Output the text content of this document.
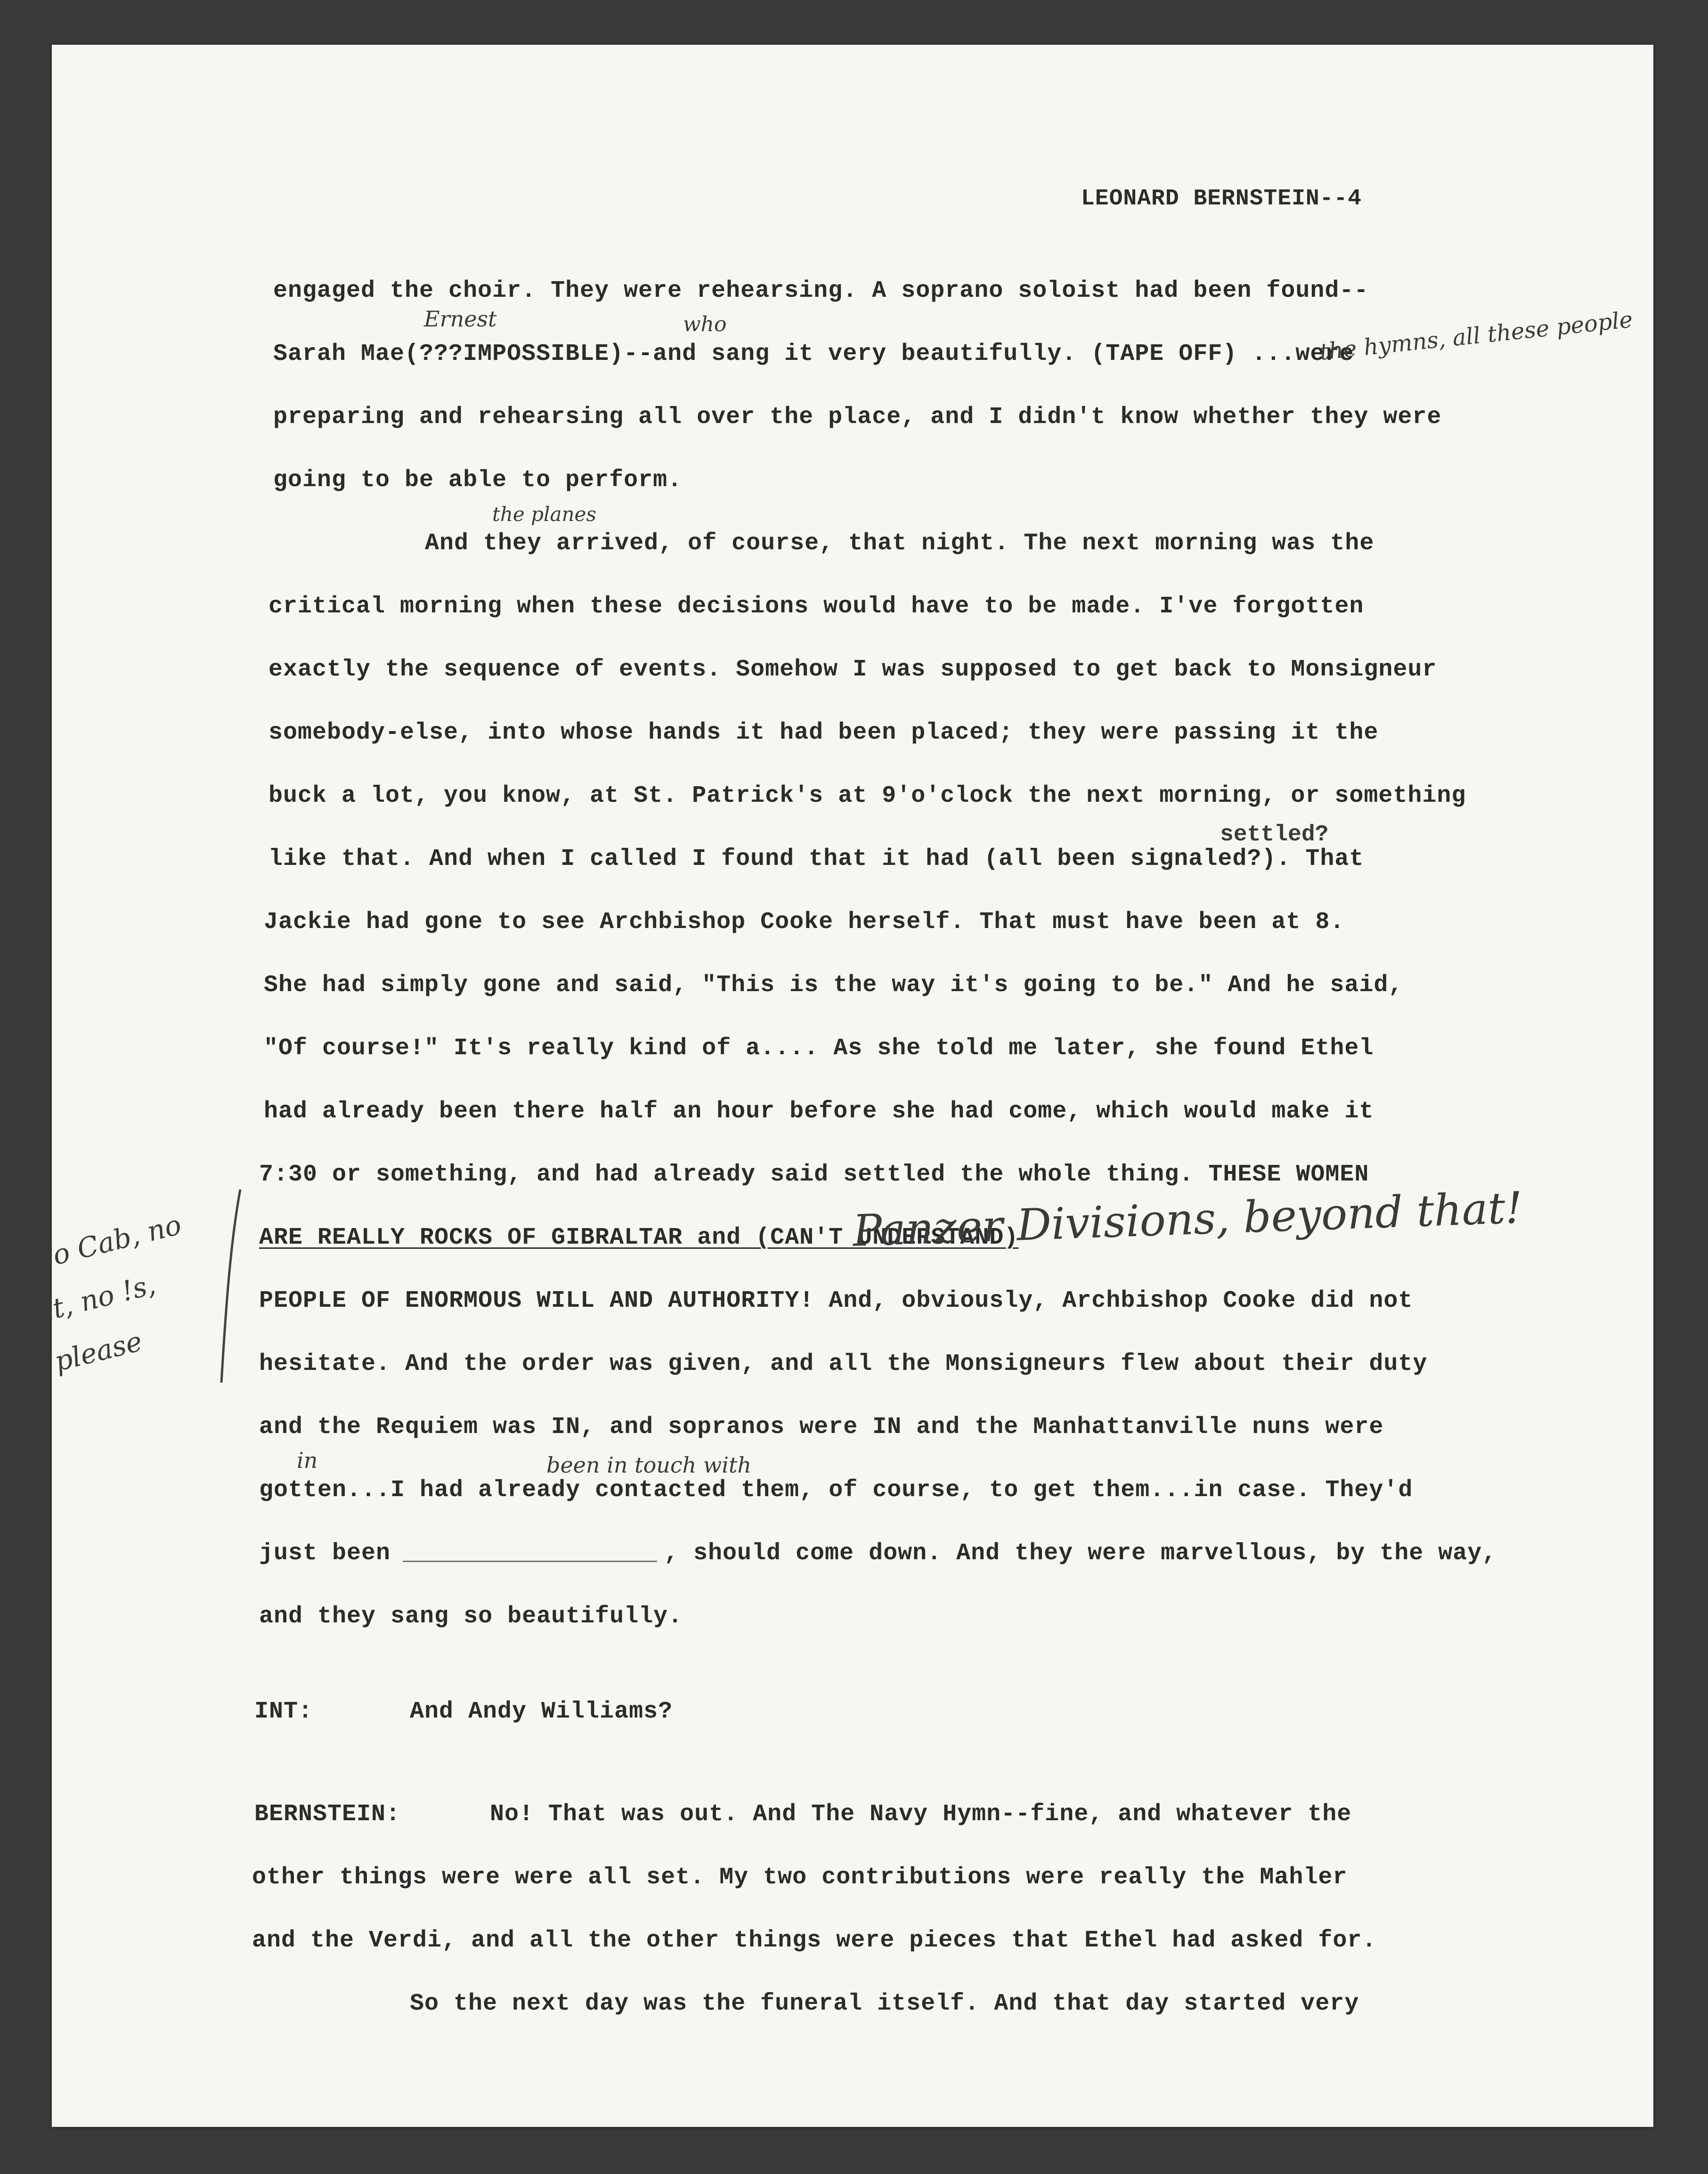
LEONARD BERNSTEIN--4
engaged the choir. They were rehearsing. A soprano soloist had been found--
Sarah Mae(???IMPOSSIBLE)--and sang it very beautifully. (TAPE OFF) ...were
preparing and rehearsing all over the place, and I didn't know whether they were
going to be able to perform.
And they arrived, of course, that night. The next morning was the
critical morning when these decisions would have to be made. I've forgotten
exactly the sequence of events. Somehow I was supposed to get back to Monsigneur
somebody-else, into whose hands it had been placed; they were passing it the
buck a lot, you know, at St. Patrick's at 9'o'clock the next morning, or something
like that. And when I called I found that it had (all been signaled?). That
Jackie had gone to see Archbishop Cooke herself. That must have been at 8.
She had simply gone and said, "This is the way it's going to be." And he said,
"Of course!" It's really kind of a.... As she told me later, she found Ethel
had already been there half an hour before she had come, which would make it
7:30 or something, and had already said settled the whole thing. THESE WOMEN
ARE REALLY ROCKS OF GIBRALTAR and (CAN'T UNDERSTAND)
PEOPLE OF ENORMOUS WILL AND AUTHORITY! And, obviously, Archbishop Cooke did not
hesitate. And the order was given, and all the Monsigneurs flew about their duty
and the Requiem was IN, and sopranos were IN and the Manhattanville nuns were
gotten...I had already contacted them, of course, to get them...in case. They'd
just been	, should come down. And they were marvellous, by the way,
and they sang so beautifully.
INT:	And Andy Williams?
BERNSTEIN:	No! That was out. And The Navy Hymn--fine, and whatever the
other things were were all set. My two contributions were really the Mahler
and the Verdi, and all the other things were pieces that Ethel had asked for.
So the next day was the funeral itself. And that day started very
Ernest	who	the hymns, all these people
the planes
settled?
Panzer Divisions, beyond that!
No Cab, no It, no !s, please
in	been in touch with
